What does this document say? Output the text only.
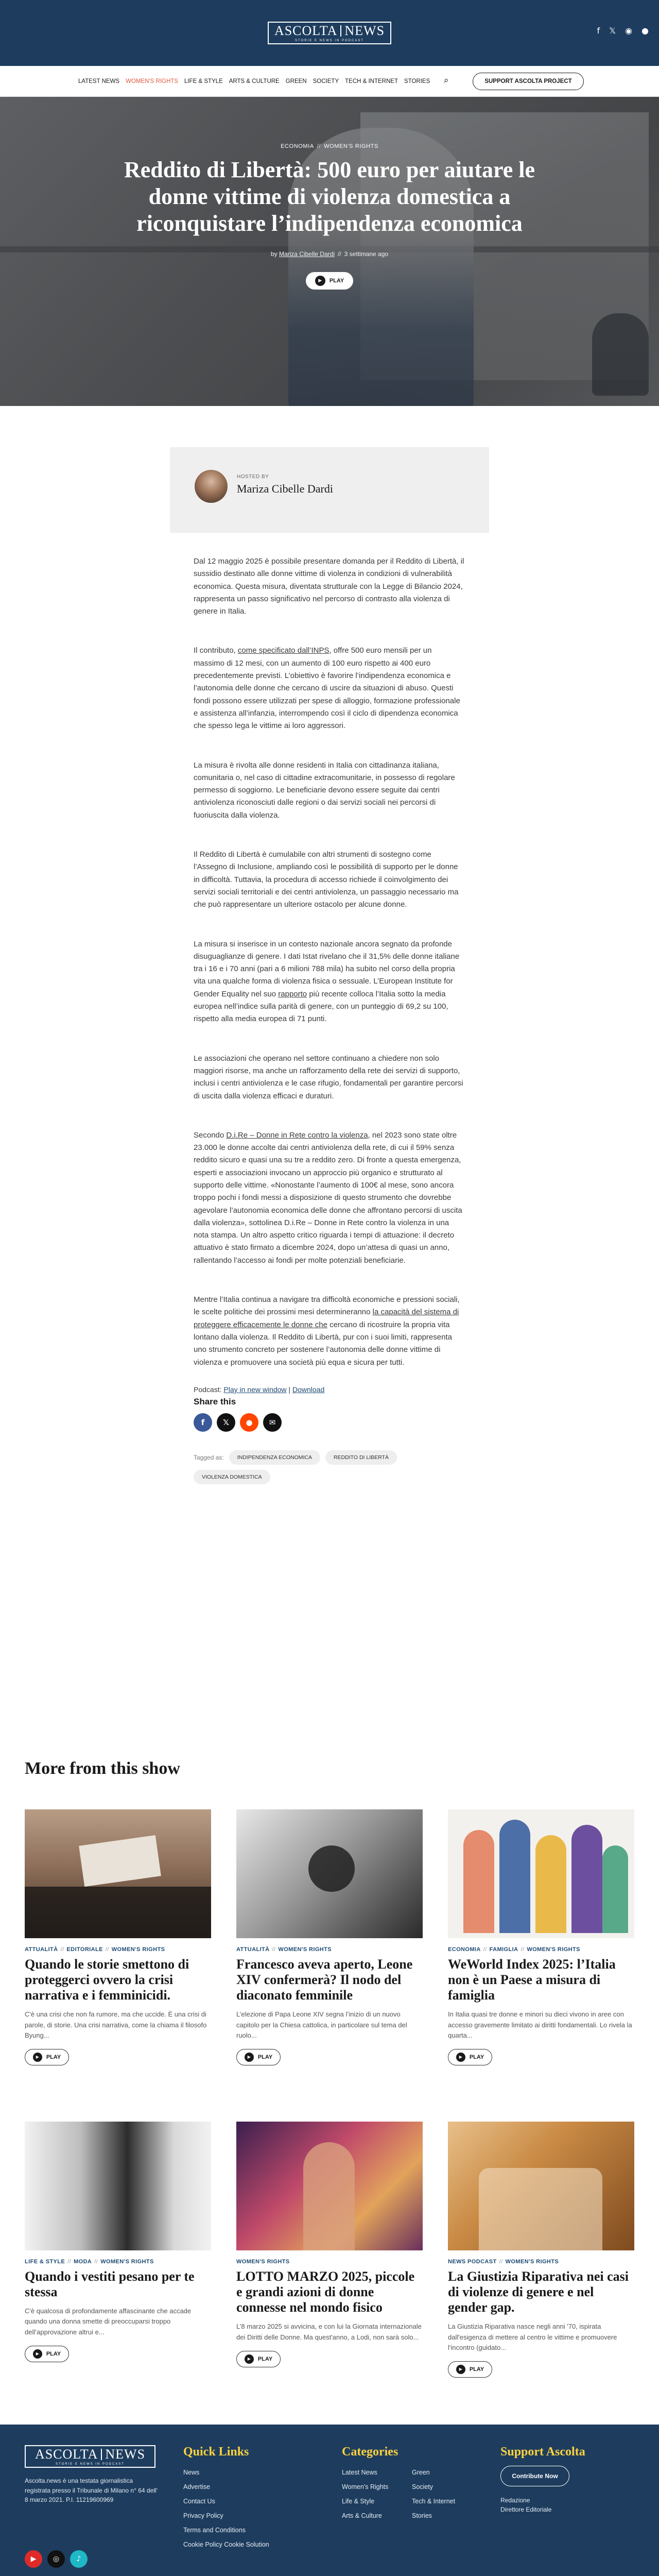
ASCOLTA NEWS
STORIE E NEWS IN PODCAST
f 𝕏 ◉ ●
LATEST NEWS WOMEN'S RIGHTS LIFE & STYLE ARTS & CULTURE GREEN SOCIETY TECH & INTERNET STORIES ⌕	SUPPORT ASCOLTA PROJECT
ECONOMIA // WOMEN'S RIGHTS
Reddito di Libertà: 500 euro per aiutare le donne vittime di violenza domestica a riconquistare l’indipendenza economica
by Mariza Cibelle Dardi // 3 settimane ago
▶	PLAY
HOSTED BY
Mariza Cibelle Dardi

Dal 12 maggio 2025 è possibile presentare domanda per il Reddito di Libertà, il sussidio destinato alle donne vittime di violenza in condizioni di vulnerabilità economica. Questa misura, diventata strutturale con la Legge di Bilancio 2024, rappresenta un passo significativo nel percorso di contrasto alla violenza di genere in Italia.

Il contributo, come specificato dall’INPS, offre 500 euro mensili per un massimo di 12 mesi, con un aumento di 100 euro rispetto ai 400 euro precedentemente previsti. L’obiettivo è favorire l’indipendenza economica e l’autonomia delle donne che cercano di uscire da situazioni di abuso. Questi fondi possono essere utilizzati per spese di alloggio, formazione professionale e assistenza all’infanzia, interrompendo così il ciclo di dipendenza economica che spesso lega le vittime ai loro aggressori.

La misura è rivolta alle donne residenti in Italia con cittadinanza italiana, comunitaria o, nel caso di cittadine extracomunitarie, in possesso di regolare permesso di soggiorno. Le beneficiarie devono essere seguite dai centri antiviolenza riconosciuti dalle regioni o dai servizi sociali nei percorsi di fuoriuscita dalla violenza.

Il Reddito di Libertà è cumulabile con altri strumenti di sostegno come l’Assegno di Inclusione, ampliando così le possibilità di supporto per le donne in difficoltà. Tuttavia, la procedura di accesso richiede il coinvolgimento dei servizi sociali territoriali e dei centri antiviolenza, un passaggio necessario ma che può rappresentare un ulteriore ostacolo per alcune donne.

La misura si inserisce in un contesto nazionale ancora segnato da profonde disuguaglianze di genere. I dati Istat rivelano che il 31,5% delle donne italiane tra i 16 e i 70 anni (pari a 6 milioni 788 mila) ha subito nel corso della propria vita una qualche forma di violenza fisica o sessuale. L’European Institute for Gender Equality nel suo rapporto più recente colloca l’Italia sotto la media europea nell’indice sulla parità di genere, con un punteggio di 69,2 su 100, rispetto alla media europea di 71 punti.

Le associazioni che operano nel settore continuano a chiedere non solo maggiori risorse, ma anche un rafforzamento della rete dei servizi di supporto, inclusi i centri antiviolenza e le case rifugio, fondamentali per garantire percorsi di uscita dalla violenza efficaci e duraturi.

Secondo D.i.Re – Donne in Rete contro la violenza, nel 2023 sono state oltre 23.000 le donne accolte dai centri antiviolenza della rete, di cui il 59% senza reddito sicuro e quasi una su tre a reddito zero. Di fronte a questa emergenza, esperti e associazioni invocano un approccio più organico e strutturato al supporto delle vittime. «Nonostante l’aumento di 100€ al mese, sono ancora troppo pochi i fondi messi a disposizione di questo strumento che dovrebbe agevolare l’autonomia economica delle donne che affrontano percorsi di uscita dalla violenza», sottolinea D.i.Re – Donne in Rete contro la violenza in una nota stampa. Un altro aspetto critico riguarda i tempi di attuazione: il decreto attuativo è stato firmato a dicembre 2024, dopo un’attesa di quasi un anno, rallentando l’accesso ai fondi per molte potenziali beneficiarie.

Mentre l’Italia continua a navigare tra difficoltà economiche e pressioni sociali, le scelte politiche dei prossimi mesi determineranno la capacità del sistema di proteggere efficacemente le donne che cercano di ricostruire la propria vita lontano dalla violenza. Il Reddito di Libertà, pur con i suoi limiti, rappresenta uno strumento concreto per sostenere l’autonomia delle donne vittime di violenza e promuovere una società più equa e sicura per tutti.

Podcast: Play in new window | Download
Share this
f	𝕏	●	✉
Tagged as:	INDIPENDENZA ECONOMICA	REDDITO DI LIBERTÀ
VIOLENZA DOMESTICA
More from this show
ATTUALITÀ // EDITORIALE // WOMEN'S RIGHTS
Quando le storie smettono di proteggerci ovvero la crisi narrativa e i femminicidi.
C'è una crisi che non fa rumore, ma che uccide. È una crisi di parole, di storie. Una crisi narrativa, come la chiama il filosofo Byung...
▶	PLAY
ATTUALITÀ // WOMEN'S RIGHTS
Francesco aveva aperto, Leone XIV confermerà? Il nodo del diaconato femminile
L’elezione di Papa Leone XIV segna l’inizio di un nuovo capitolo per la Chiesa cattolica, in particolare sul tema del ruolo...
▶	PLAY
ECONOMIA // FAMIGLIA // WOMEN'S RIGHTS
WeWorld Index 2025: l’Italia non è un Paese a misura di famiglia
In Italia quasi tre donne e minori su dieci vivono in aree con accesso gravemente limitato ai diritti fondamentali. Lo rivela la quarta...
▶	PLAY
LIFE & STYLE // MODA // WOMEN'S RIGHTS
Quando i vestiti pesano per te stessa
C'è qualcosa di profondamente affascinante che accade quando una donna smette di preoccuparsi troppo dell’approvazione altrui e...
▶	PLAY
WOMEN'S RIGHTS
LOTTO MARZO 2025, piccole e grandi azioni di donne connesse nel mondo fisico
L’8 marzo 2025 si avvicina, e con lui la Giornata internazionale dei Diritti delle Donne. Ma quest'anno, a Lodi, non sarà solo...
▶	PLAY
NEWS PODCAST // WOMEN'S RIGHTS
La Giustizia Riparativa nei casi di violenze di genere e nel gender gap.
La Giustizia Riparativa nasce negli anni '70, ispirata dall'esigenza di mettere al centro le vittime e promuovere l'incontro (guidato...
▶	PLAY
ASCOLTA NEWS
STORIE E NEWS IN PODCAST
Ascolta.news è una testata giornalistica registrata presso il Tribunale di Milano n° 64 dell' 8 marzo 2021. P.I. 11219600969
▶	◎	♪
Quick Links
News
Advertise
Contact Us
Privacy Policy
Terms and Conditions
Cookie Policy Cookie Solution
Categories
Latest News
Women's Rights
Life & Style
Arts & Culture
Green
Society
Tech & Internet
Stories
Support Ascolta
Contribute Now
Redazione
Direttore Editoriale
